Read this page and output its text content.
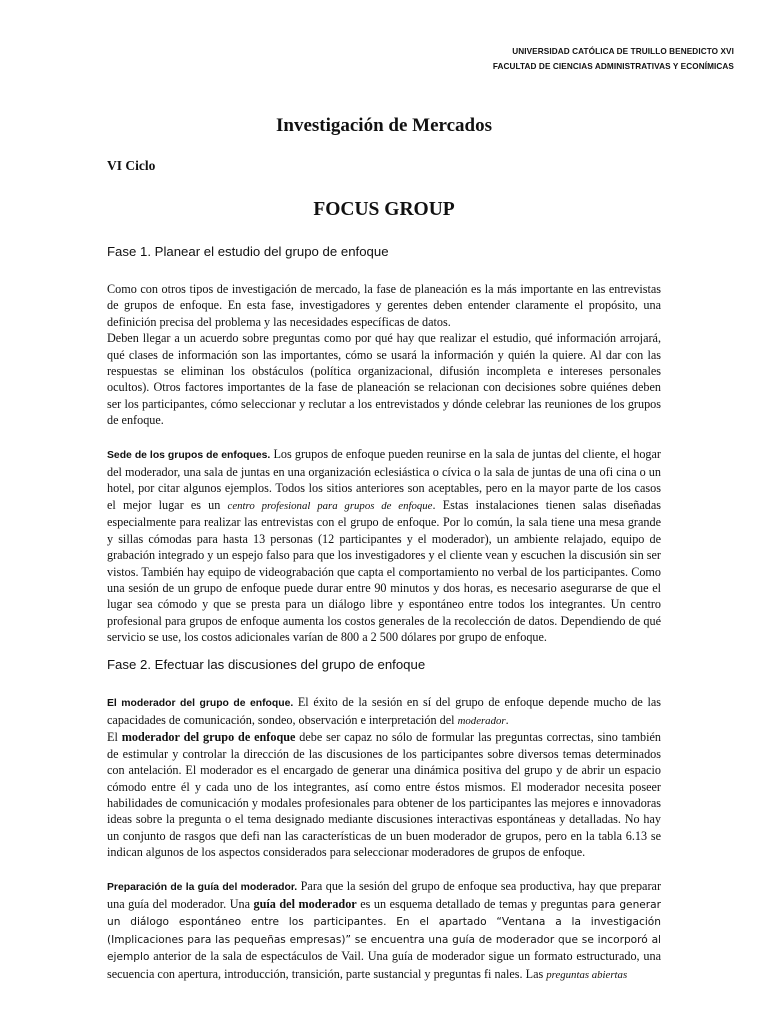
UNIVERSIDAD CATÓLICA DE TRUILLO BENEDICTO XVI
FACULTAD DE CIENCIAS ADMINISTRATIVAS Y ECONÍMICAS
Investigación de Mercados
VI Ciclo
FOCUS GROUP
Fase 1. Planear el estudio del grupo de enfoque

Como con otros tipos de investigación de mercado, la fase de planeación es la más importante en las entrevistas de grupos de enfoque. En esta fase, investigadores y gerentes deben entender claramente el propósito, una definición precisa del problema y las necesidades específicas de datos.

Deben llegar a un acuerdo sobre preguntas como por qué hay que realizar el estudio, qué información arrojará, qué clases de información son las importantes, cómo se usará la información y quién la quiere. Al dar con las respuestas se eliminan los obstáculos (política organizacional, difusión incompleta e intereses personales ocultos). Otros factores importantes de la fase de planeación se relacionan con decisiones sobre quiénes deben ser los participantes, cómo seleccionar y reclutar a los entrevistados y dónde celebrar las reuniones de los grupos de enfoque.

Sede de los grupos de enfoques. Los grupos de enfoque pueden reunirse en la sala de juntas del cliente, el hogar del moderador, una sala de juntas en una organización eclesiástica o cívica o la sala de juntas de una ofi cina o un hotel, por citar algunos ejemplos. Todos los sitios anteriores son aceptables, pero en la mayor parte de los casos el mejor lugar es un centro profesional para grupos de enfoque. Estas instalaciones tienen salas diseñadas especialmente para realizar las entrevistas con el grupo de enfoque. Por lo común, la sala tiene una mesa grande y sillas cómodas para hasta 13 personas (12 participantes y el moderador), un ambiente relajado, equipo de grabación integrado y un espejo falso para que los investigadores y el cliente vean y escuchen la discusión sin ser vistos. También hay equipo de videograbación que capta el comportamiento no verbal de los participantes. Como una sesión de un grupo de enfoque puede durar entre 90 minutos y dos horas, es necesario asegurarse de que el lugar sea cómodo y que se presta para un diálogo libre y espontáneo entre todos los integrantes. Un centro profesional para grupos de enfoque aumenta los costos generales de la recolección de datos. Dependiendo de qué servicio se use, los costos adicionales varían de 800 a 2 500 dólares por grupo de enfoque.

Fase 2. Efectuar las discusiones del grupo de enfoque

El moderador del grupo de enfoque. El éxito de la sesión en sí del grupo de enfoque depende mucho de las capacidades de comunicación, sondeo, observación e interpretación del moderador.

El moderador del grupo de enfoque debe ser capaz no sólo de formular las preguntas correctas, sino también de estimular y controlar la dirección de las discusiones de los participantes sobre diversos temas determinados con antelación. El moderador es el encargado de generar una dinámica positiva del grupo y de abrir un espacio cómodo entre él y cada uno de los integrantes, así como entre éstos mismos. El moderador necesita poseer habilidades de comunicación y modales profesionales para obtener de los participantes las mejores e innovadoras ideas sobre la pregunta o el tema designado mediante discusiones interactivas espontáneas y detalladas. No hay un conjunto de rasgos que defi nan las características de un buen moderador de grupos, pero en la tabla 6.13 se indican algunos de los aspectos considerados para seleccionar moderadores de grupos de enfoque.

Preparación de la guía del moderador. Para que la sesión del grupo de enfoque sea productiva, hay que preparar una guía del moderador. Una guía del moderador es un esquema detallado de temas y preguntas para generar un diálogo espontáneo entre los participantes. En el apartado “Ventana a la investigación (Implicaciones para las pequeñas empresas)” se encuentra una guía de moderador que se incorporó al ejemplo anterior de la sala de espectáculos de Vail. Una guía de moderador sigue un formato estructurado, una secuencia con apertura, introducción, transición, parte sustancial y preguntas fi nales. Las preguntas abiertas
